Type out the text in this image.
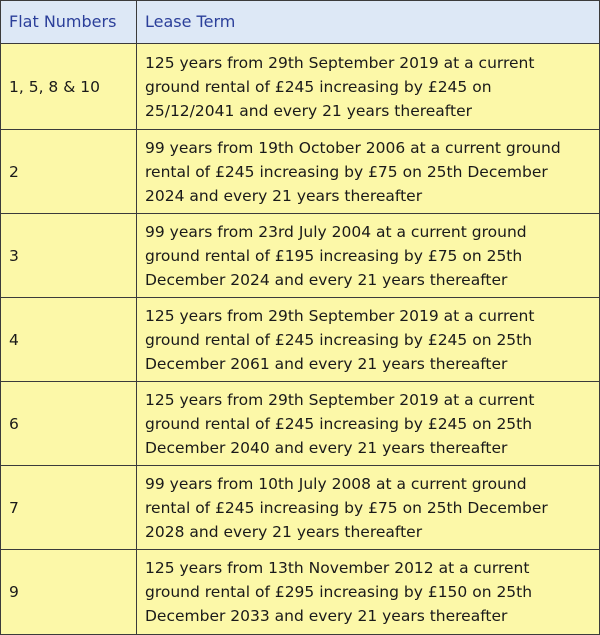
Flat Numbers	Lease Term
1, 5, 8 & 10	125 years from 29th September 2019 at a current
ground rental of £245 increasing by £245 on
25/12/2041 and every 21 years thereafter

2	99 years from 19th October 2006 at a current ground
rental of £245 increasing by £75 on 25th December
2024 and every 21 years thereafter

3	99 years from 23rd July 2004 at a current ground
ground rental of £195 increasing by £75 on 25th
December 2024 and every 21 years thereafter

4	125 years from 29th September 2019 at a current
ground rental of £245 increasing by £245 on 25th
December 2061 and every 21 years thereafter

6	125 years from 29th September 2019 at a current
ground rental of £245 increasing by £245 on 25th
December 2040 and every 21 years thereafter

7	99 years from 10th July 2008 at a current ground
rental of £245 increasing by £75 on 25th December
2028 and every 21 years thereafter

9	125 years from 13th November 2012 at a current
ground rental of £295 increasing by £150 on 25th
December 2033 and every 21 years thereafter
